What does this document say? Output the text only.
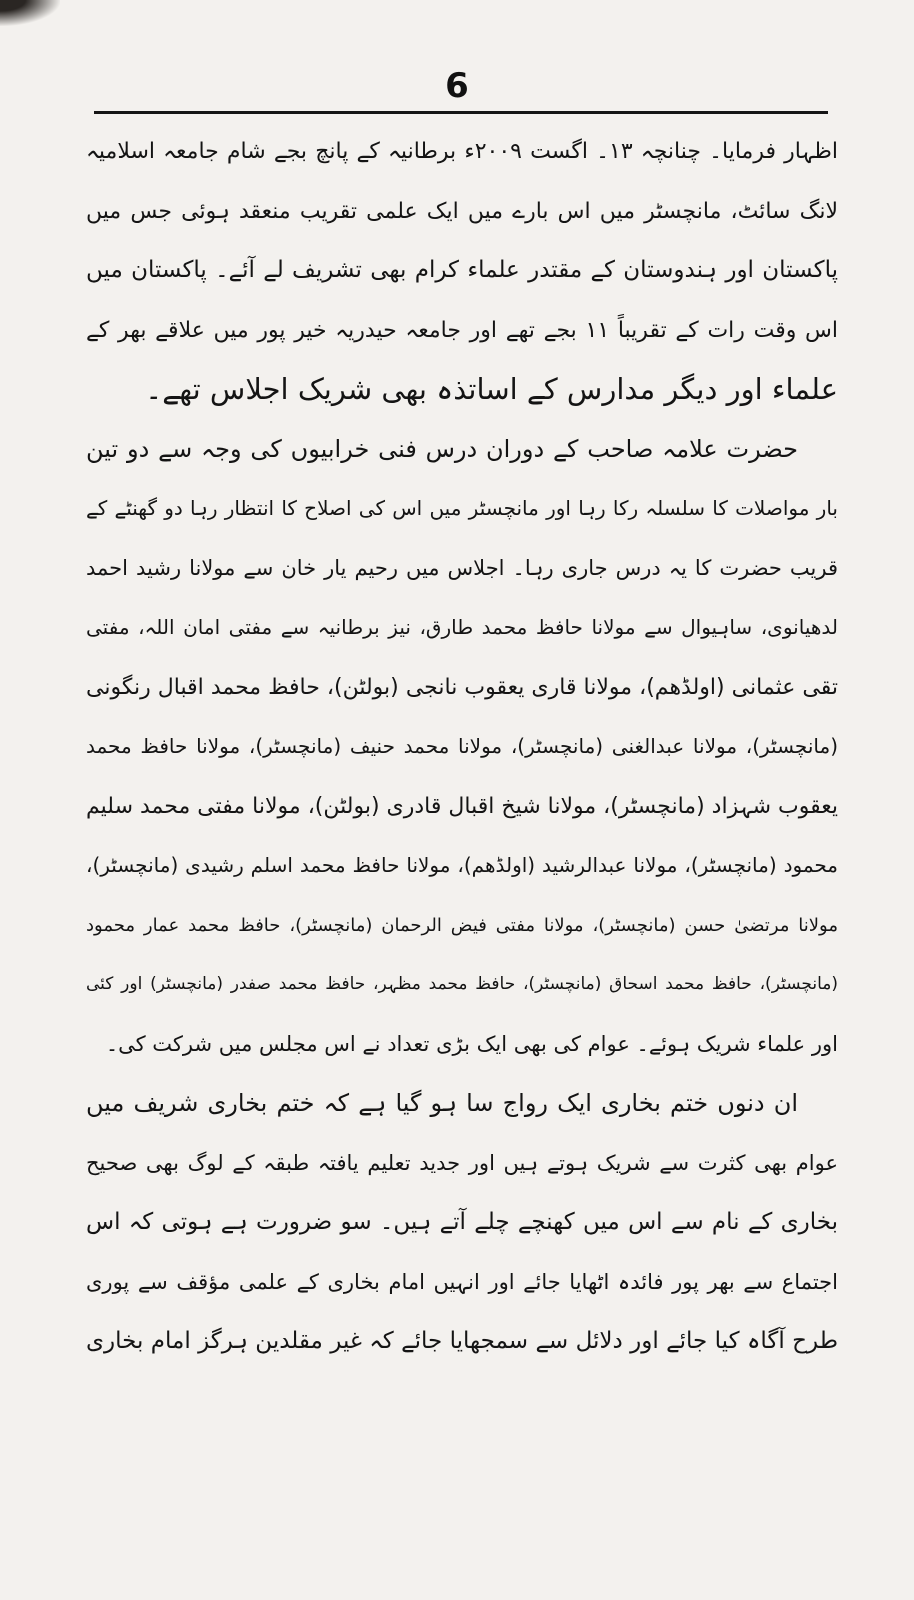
6
اظہار فرمایا۔ چنانچہ ۱۳۔ اگست ۲۰۰۹ء برطانیہ کے پانچ بجے شام جامعہ اسلامیہ
لانگ سائٹ، مانچسٹر میں اس بارے میں ایک علمی تقریب منعقد ہوئی جس میں
پاکستان اور ہندوستان کے مقتدر علماء کرام بھی تشریف لے آئے۔ پاکستان میں
اس وقت رات کے تقریباً ۱۱ بجے تھے اور جامعہ حیدریہ خیر پور میں علاقے بھر کے
علماء اور دیگر مدارس کے اساتذہ بھی شریک اجلاس تھے۔
حضرت علامہ صاحب کے دوران درس فنی خرابیوں کی وجہ سے دو تین
بار مواصلات کا سلسلہ رکا رہا اور مانچسٹر میں اس کی اصلاح کا انتظار رہا دو گھنٹے کے
قریب حضرت کا یہ درس جاری رہا۔ اجلاس میں رحیم یار خان سے مولانا رشید احمد
لدھیانوی، ساہیوال سے مولانا حافظ محمد طارق، نیز برطانیہ سے مفتی امان اللہ، مفتی
تقی عثمانی (اولڈھم)، مولانا قاری یعقوب نانجی (بولٹن)، حافظ محمد اقبال رنگونی
(مانچسٹر)، مولانا عبدالغنی (مانچسٹر)، مولانا محمد حنیف (مانچسٹر)، مولانا حافظ محمد
یعقوب شہزاد (مانچسٹر)، مولانا شیخ اقبال قادری (بولٹن)، مولانا مفتی محمد سلیم
محمود (مانچسٹر)، مولانا عبدالرشید (اولڈھم)، مولانا حافظ محمد اسلم رشیدی (مانچسٹر)،
مولانا مرتضیٰ حسن (مانچسٹر)، مولانا مفتی فیض الرحمان (مانچسٹر)، حافظ محمد عمار محمود
(مانچسٹر)، حافظ محمد اسحاق (مانچسٹر)، حافظ محمد مظہر، حافظ محمد صفدر (مانچسٹر) اور کئی
اور علماء شریک ہوئے۔ عوام کی بھی ایک بڑی تعداد نے اس مجلس میں شرکت کی۔
ان دنوں ختم بخاری ایک رواج سا ہو گیا ہے کہ ختم بخاری شریف میں
عوام بھی کثرت سے شریک ہوتے ہیں اور جدید تعلیم یافتہ طبقہ کے لوگ بھی صحیح
بخاری کے نام سے اس میں کھنچے چلے آتے ہیں۔ سو ضرورت ہے ہوتی کہ اس
اجتماع سے بھر پور فائدہ اٹھایا جائے اور انہیں امام بخاری کے علمی مؤقف سے پوری
طرح آگاہ کیا جائے اور دلائل سے سمجھایا جائے کہ غیر مقلدین ہرگز امام بخاری
